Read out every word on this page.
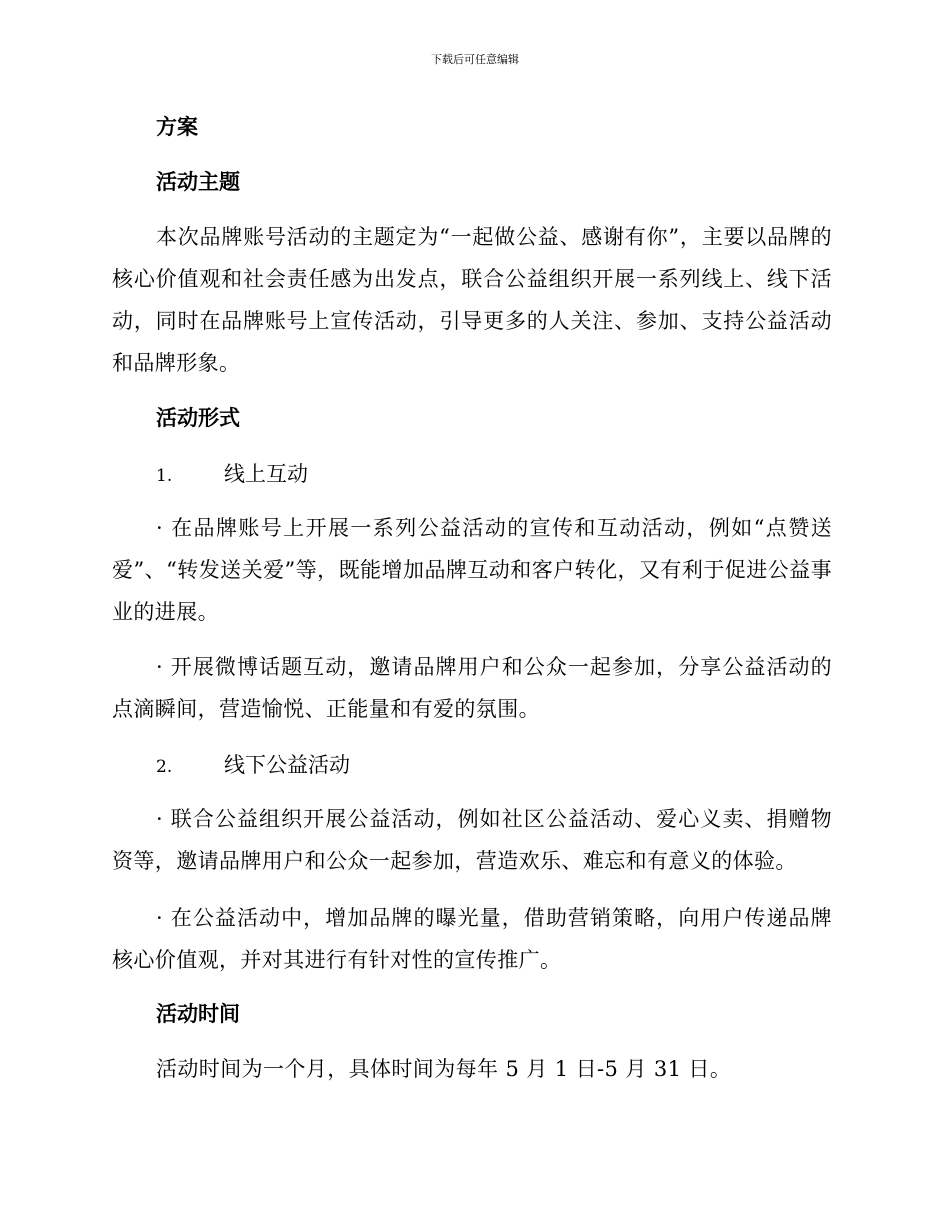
下载后可任意编辑
方案
活动主题
本次品牌账号活动的主题定为“一起做公益、感谢有你”，主要以品牌的核心价值观和社会责任感为出发点，联合公益组织开展一系列线上、线下活动，同时在品牌账号上宣传活动，引导更多的人关注、参加、支持公益活动和品牌形象。
活动形式
1. 线上互动
· 在品牌账号上开展一系列公益活动的宣传和互动活动，例如“点赞送爱”、“转发送关爱”等，既能增加品牌互动和客户转化，又有利于促进公益事业的进展。
· 开展微博话题互动，邀请品牌用户和公众一起参加，分享公益活动的点滴瞬间，营造愉悦、正能量和有爱的氛围。
2. 线下公益活动
· 联合公益组织开展公益活动，例如社区公益活动、爱心义卖、捐赠物资等，邀请品牌用户和公众一起参加，营造欢乐、难忘和有意义的体验。
· 在公益活动中，增加品牌的曝光量，借助营销策略，向用户传递品牌核心价值观，并对其进行有针对性的宣传推广。
活动时间
活动时间为一个月，具体时间为每年 5 月 1 日-5 月 31 日。
